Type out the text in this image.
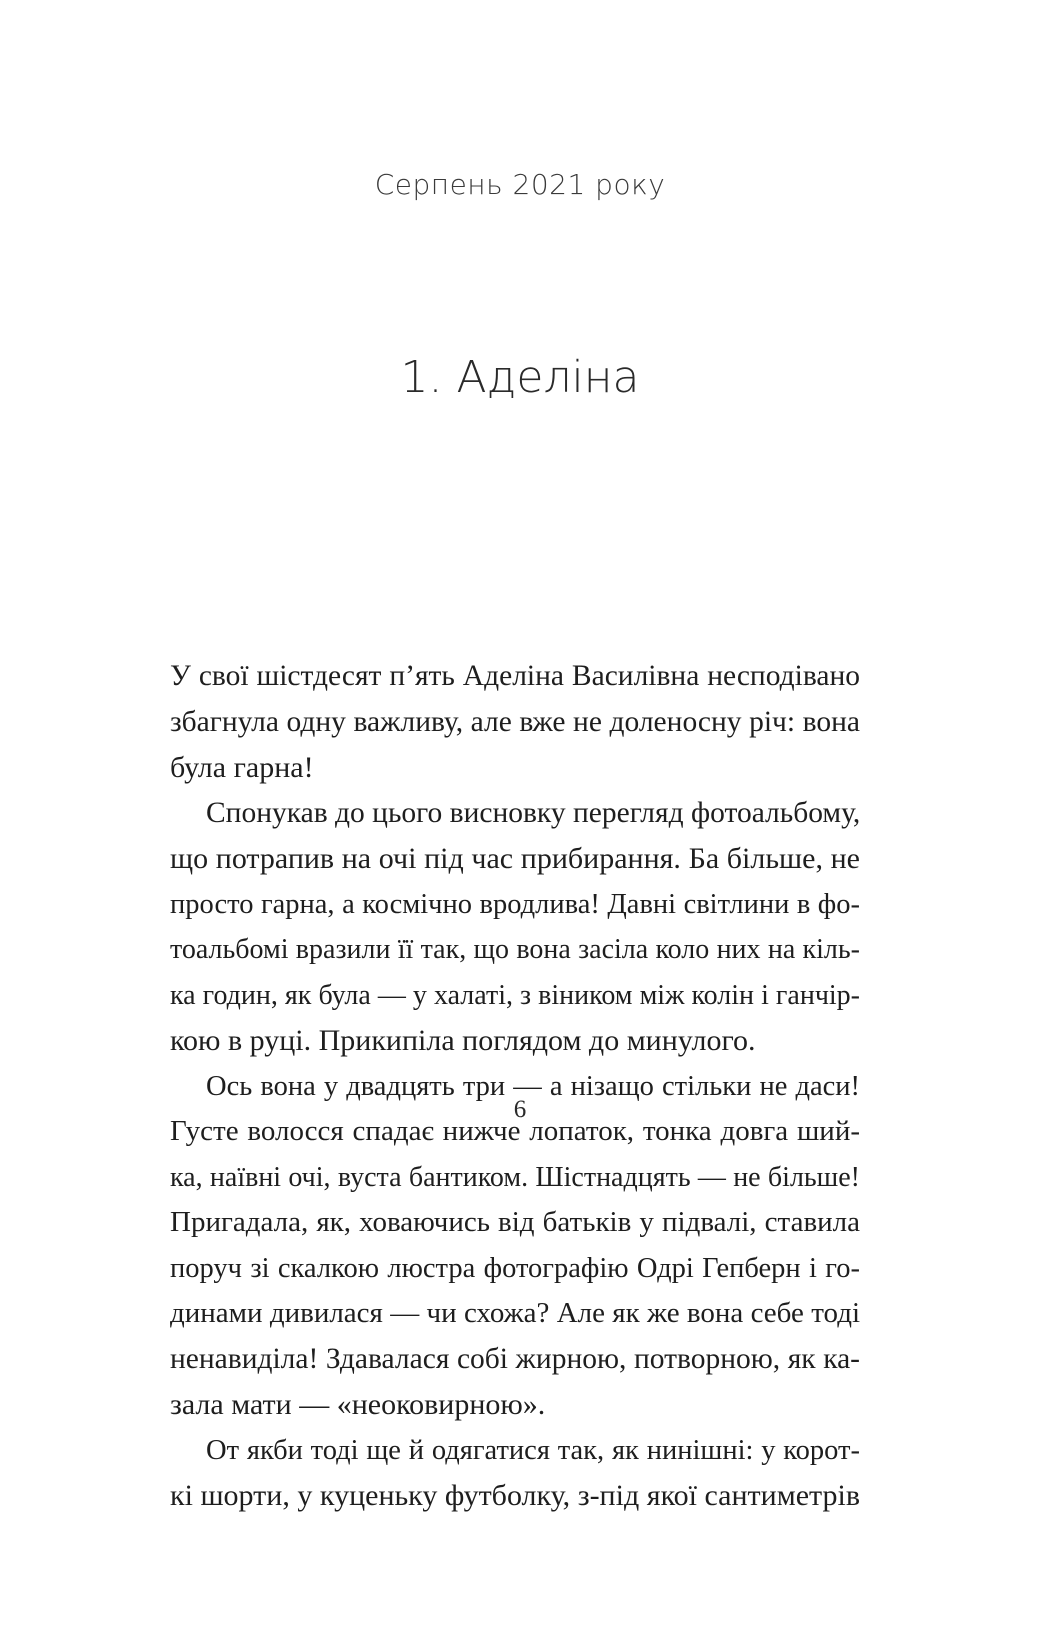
Серпень 2021 року
1. Аделіна
У свої шістдесят п’ять Аделіна Василівна несподівано
збагнула одну важливу, але вже не доленосну річ: вона
була гарна!
Спонукав до цього висновку перегляд фотоальбому,
що потрапив на очі під час прибирання. Ба більше, не
просто гарна, а космічно вродлива! Давні світлини в фо-
тоальбомі вразили її так, що вона засіла коло них на кіль-
ка годин, як була — у халаті, з віником між колін і ганчір-
кою в руці. Прикипіла поглядом до минулого.
Ось вона у двадцять три — а нізащо стільки не даси!
Густе волосся спадає нижче лопаток, тонка довга ший-
ка, наївні очі, вуста бантиком. Шістнадцять — не більше!
Пригадала, як, ховаючись від батьків у підвалі, ставила
поруч зі скалкою люстра фотографію Одрі Гепберн і го-
динами дивилася — чи схожа? Але як же вона себе тоді
ненавиділа! Здавалася собі жирною, потворною, як ка-
зала мати — «неоковирною».
От якби тоді ще й одягатися так, як нинішні: у корот-
кі шорти, у куценьку футболку, з-під якої сантиметрів
6
